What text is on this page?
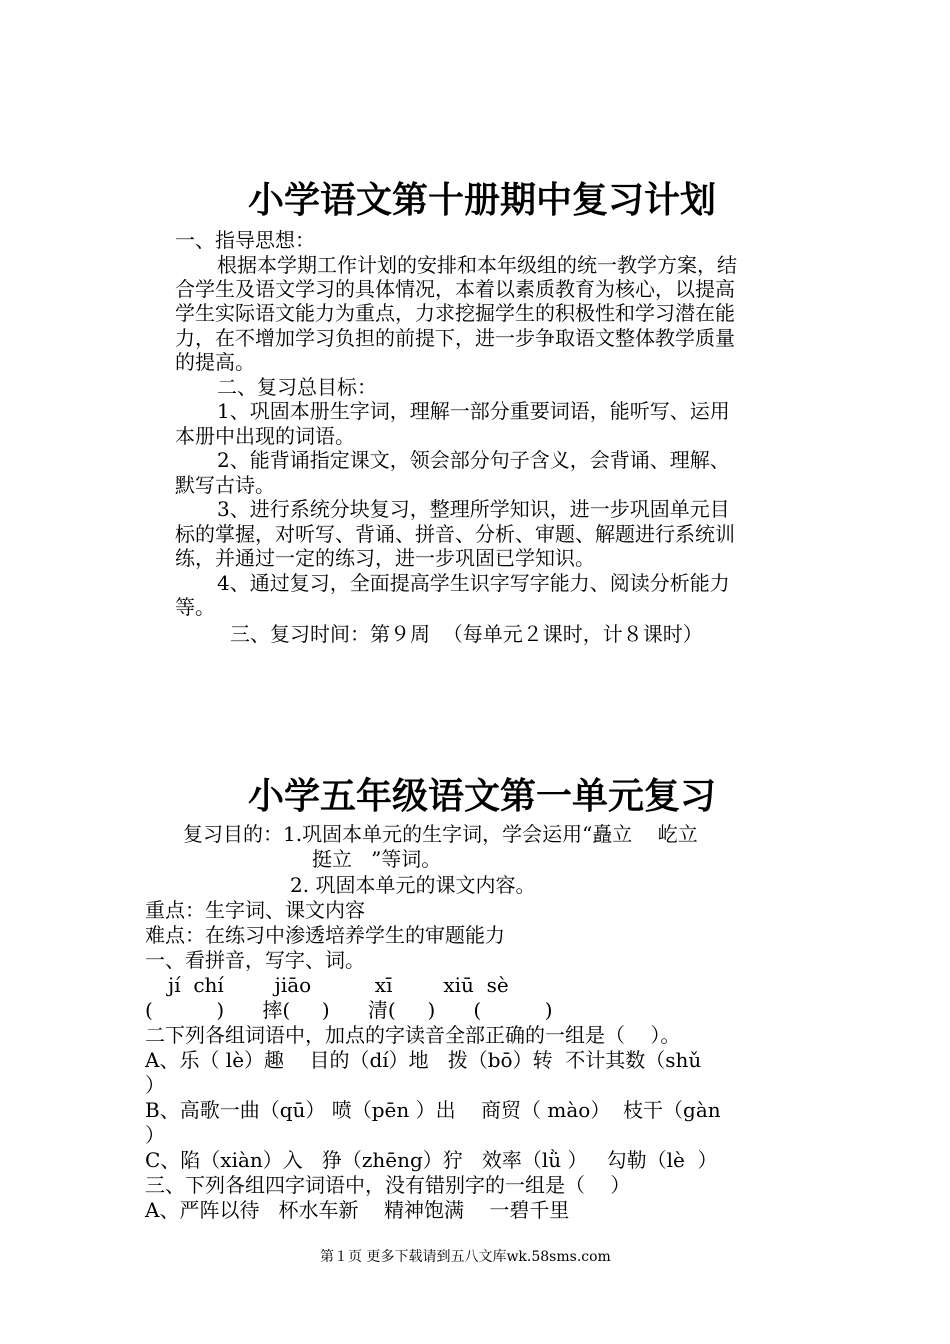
小学语文第十册期中复习计划
一、指导思想：
根据本学期工作计划的安排和本年级组的统一教学方案，结
合学生及语文学习的具体情况，本着以素质教育为核心，以提高
学生实际语文能力为重点，力求挖掘学生的积极性和学习潜在能
力，在不增加学习负担的前提下，进一步争取语文整体教学质量
的提高。
二、复习总目标：
1、巩固本册生字词，理解一部分重要词语，能听写、运用
本册中出现的词语。
2、能背诵指定课文，领会部分句子含义，会背诵、理解、
默写古诗。
3、进行系统分块复习，整理所学知识，进一步巩固单元目
标的掌握，对听写、背诵、拼音、分析、审题、解题进行系统训
练，并通过一定的练习，进一步巩固已学知识。
4、通过复习，全面提高学生识字写字能力、阅读分析能力
等。
三、复习时间：第９周  （每单元２课时，计８课时）
小学五年级语文第一单元复习
复习目的：1.巩固本单元的生字词，学会运用“矗立    屹立
挺立   ”等词。
2. 巩固本单元的课文内容。
重点：生字词、课文内容
难点：在练习中渗透培养学生的审题能力
一、看拼音，写字、词。
jí  chí        jiāo          xī        xiū  sè
(          )      摔(     )      清(     )      (          )
二下列各组词语中，加点的字读音全部正确的一组是（    ）。
A、乐（ lè）趣    目的（dí）地   拨（bō）转  不计其数（shǔ
）
B、高歌一曲（qū） 喷（pēn ）出    商贸（ mào）  枝干（gàn
）
C、陷（xiàn）入   狰（zhēng）狞   效率（lǜ ）   勾勒（lè  ）
三、下列各组四字词语中，没有错别字的一组是（    ）
A、严阵以待   杯水车新    精神饱满    一碧千里
第１页 更多下载请到五八文库wk.58sms.com
